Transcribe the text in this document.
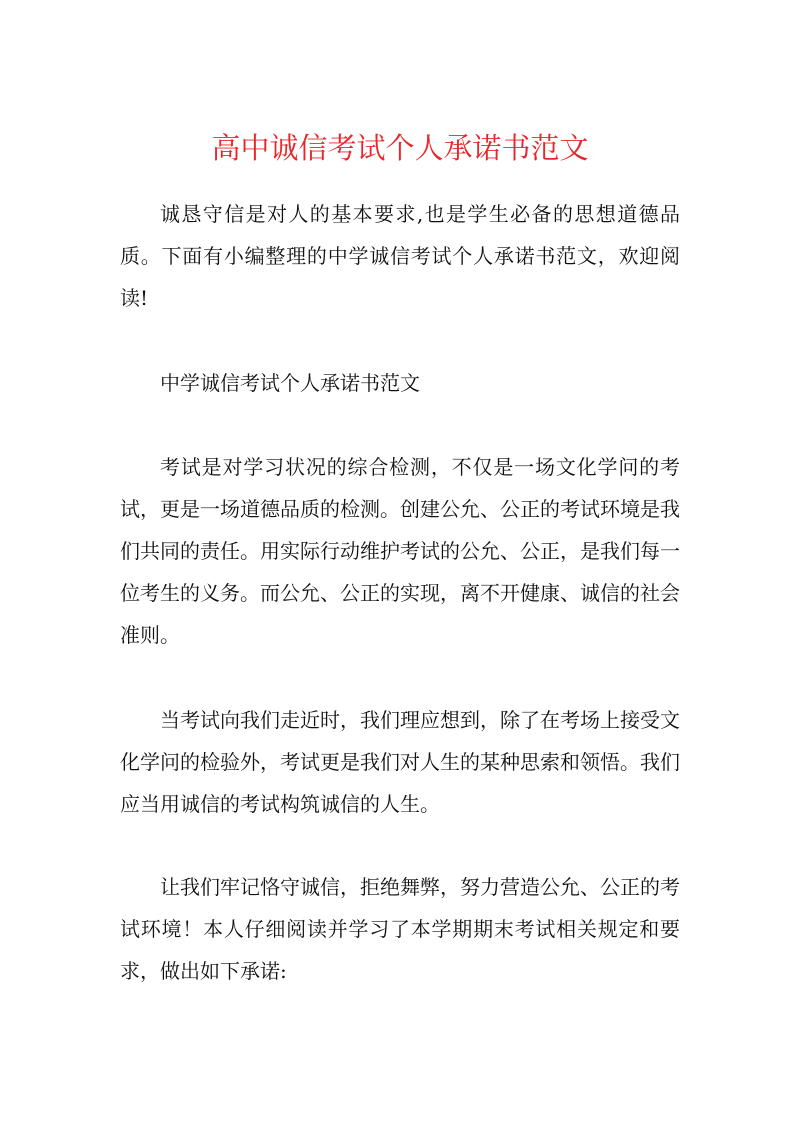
高中诚信考试个人承诺书范文

诚恳守信是对人的基本要求,也是学生必备的思想道德品质。下面有小编整理的中学诚信考试个人承诺书范文，欢迎阅读!

中学诚信考试个人承诺书范文

考试是对学习状况的综合检测，不仅是一场文化学问的考试，更是一场道德品质的检测。创建公允、公正的考试环境是我们共同的责任。用实际行动维护考试的公允、公正，是我们每一位考生的义务。而公允、公正的实现，离不开健康、诚信的社会准则。

当考试向我们走近时，我们理应想到，除了在考场上接受文化学问的检验外，考试更是我们对人生的某种思索和领悟。我们应当用诚信的考试构筑诚信的人生。

让我们牢记恪守诚信，拒绝舞弊，努力营造公允、公正的考试环境！本人仔细阅读并学习了本学期期末考试相关规定和要求，做出如下承诺:
